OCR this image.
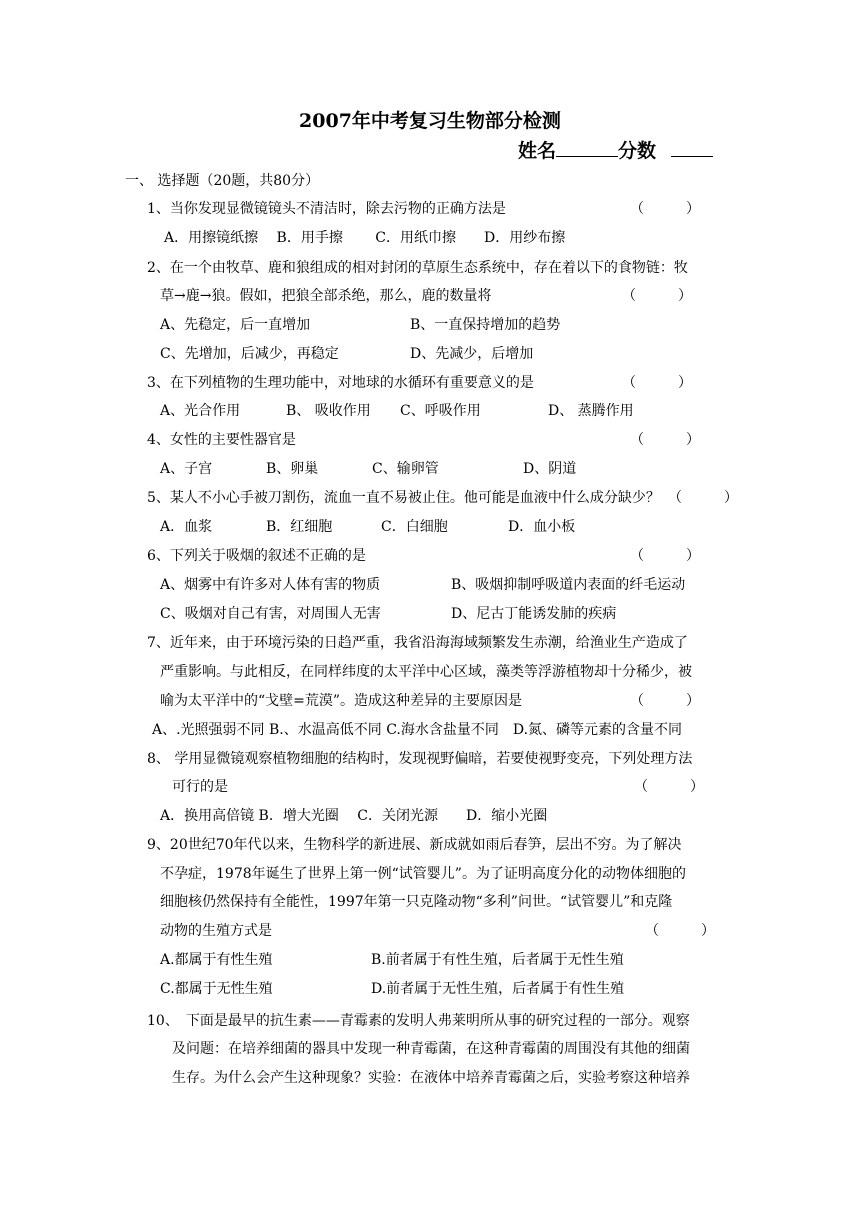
2007年中考复习生物部分检测
姓名	分数
一、 选择题（20题，共80分）
1、当你发现显微镜镜头不清洁时，除去污物的正确方法是	（　　　）
A．用擦镜纸擦　 B．用手擦　　 C．用纸巾擦　　D．用纱布擦
2、在一个由牧草、鹿和狼组成的相对封闭的草原生态系统中，存在着以下的食物链：牧
草→鹿→狼。假如，把狼全部杀绝，那么，鹿的数量将	（　　　）
A、先稳定，后一直增加	B、一直保持增加的趋势
C、先增加，后减少，再稳定	D、先减少，后增加
3、在下列植物的生理功能中，对地球的水循环有重要意义的是	（　　　）
A、光合作用	B、 吸收作用 C、呼吸作用	D、 蒸腾作用
4、女性的主要性器官是	（　　　）
A、子宫	B、卵巢	C、输卵管	D、阴道
5、某人不小心手被刀割伤，流血一直不易被止住。他可能是血液中什么成分缺少？ （　　　）
A．血浆	B．红细胞	C．白细胞	D．血小板
6、下列关于吸烟的叙述不正确的是	（　　　）
A、烟雾中有许多对人体有害的物质	B、吸烟抑制呼吸道内表面的纤毛运动
C、吸烟对自己有害，对周围人无害	D、尼古丁能诱发肺的疾病
7、近年来，由于环境污染的日趋严重，我省沿海海域频繁发生赤潮，给渔业生产造成了
严重影响。与此相反，在同样纬度的太平洋中心区域，藻类等浮游植物却十分稀少，被
喻为太平洋中的“戈壁=荒漠”。造成这种差异的主要原因是	（　　　）
A、.光照强弱不同 B.、水温高低不同 C.海水含盐量不同　D.氮、磷等元素的含量不同
8、 学用显微镜观察植物细胞的结构时，发现视野偏暗，若要使视野变亮，下列处理方法
可行的是	（　　　）
A．换用高倍镜 B．增大光圈　 C．关闭光源　　D．缩小光圈
9、20世纪70年代以来，生物科学的新进展、新成就如雨后春笋，层出不穷。为了解决
不孕症，1978年诞生了世界上第一例“试管婴儿”。为了证明高度分化的动物体细胞的
细胞核仍然保持有全能性，1997年第一只克隆动物“多利”问世。“试管婴儿”和克隆
动物的生殖方式是	（　　　）
A.都属于有性生殖	B.前者属于有性生殖，后者属于无性生殖
C.都属于无性生殖	D.前者属于无性生殖，后者属于有性生殖
10、　下面是最早的抗生素——青霉素的发明人弗莱明所从事的研究过程的一部分。观察
及问题：在培养细菌的器具中发现一种青霉菌，在这种青霉菌的周围没有其他的细菌
生存。为什么会产生这种现象？实验：在液体中培养青霉菌之后，实验考察这种培养
